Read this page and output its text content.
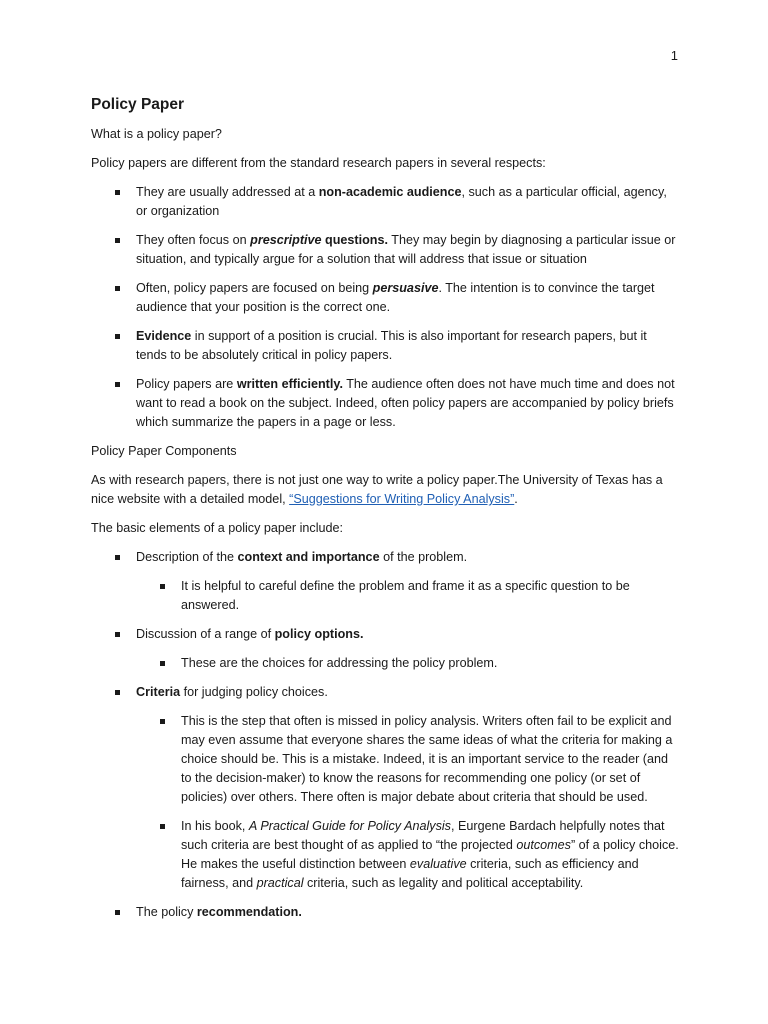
1
Policy Paper

What is a policy paper?

Policy papers are different from the standard research papers in several respects:

They are usually addressed at a non-academic audience, such as a particular official, agency, or organization
They often focus on prescriptive questions. They may begin by diagnosing a particular issue or situation, and typically argue for a solution that will address that issue or situation
Often, policy papers are focused on being persuasive. The intention is to convince the target audience that your position is the correct one.
Evidence in support of a position is crucial. This is also important for research papers, but it tends to be absolutely critical in policy papers.
Policy papers are written efficiently. The audience often does not have much time and does not want to read a book on the subject. Indeed, often policy papers are accompanied by policy briefs which summarize the papers in a page or less.

Policy Paper Components

As with research papers, there is not just one way to write a policy paper.The University of Texas has a nice website with a detailed model, “Suggestions for Writing Policy Analysis”.

The basic elements of a policy paper include:

Description of the context and importance of the problem.
It is helpful to careful define the problem and frame it as a specific question to be answered.
Discussion of a range of policy options.
These are the choices for addressing the policy problem.
Criteria for judging policy choices.
This is the step that often is missed in policy analysis. Writers often fail to be explicit and may even assume that everyone shares the same ideas of what the criteria for making a choice should be. This is a mistake. Indeed, it is an important service to the reader (and to the decision-maker) to know the reasons for recommending one policy (or set of policies) over others. There often is major debate about criteria that should be used.
In his book, A Practical Guide for Policy Analysis, Eurgene Bardach helpfully notes that such criteria are best thought of as applied to “the projected outcomes” of a policy choice. He makes the useful distinction between evaluative criteria, such as efficiency and fairness, and practical criteria, such as legality and political acceptability.
The policy recommendation.
